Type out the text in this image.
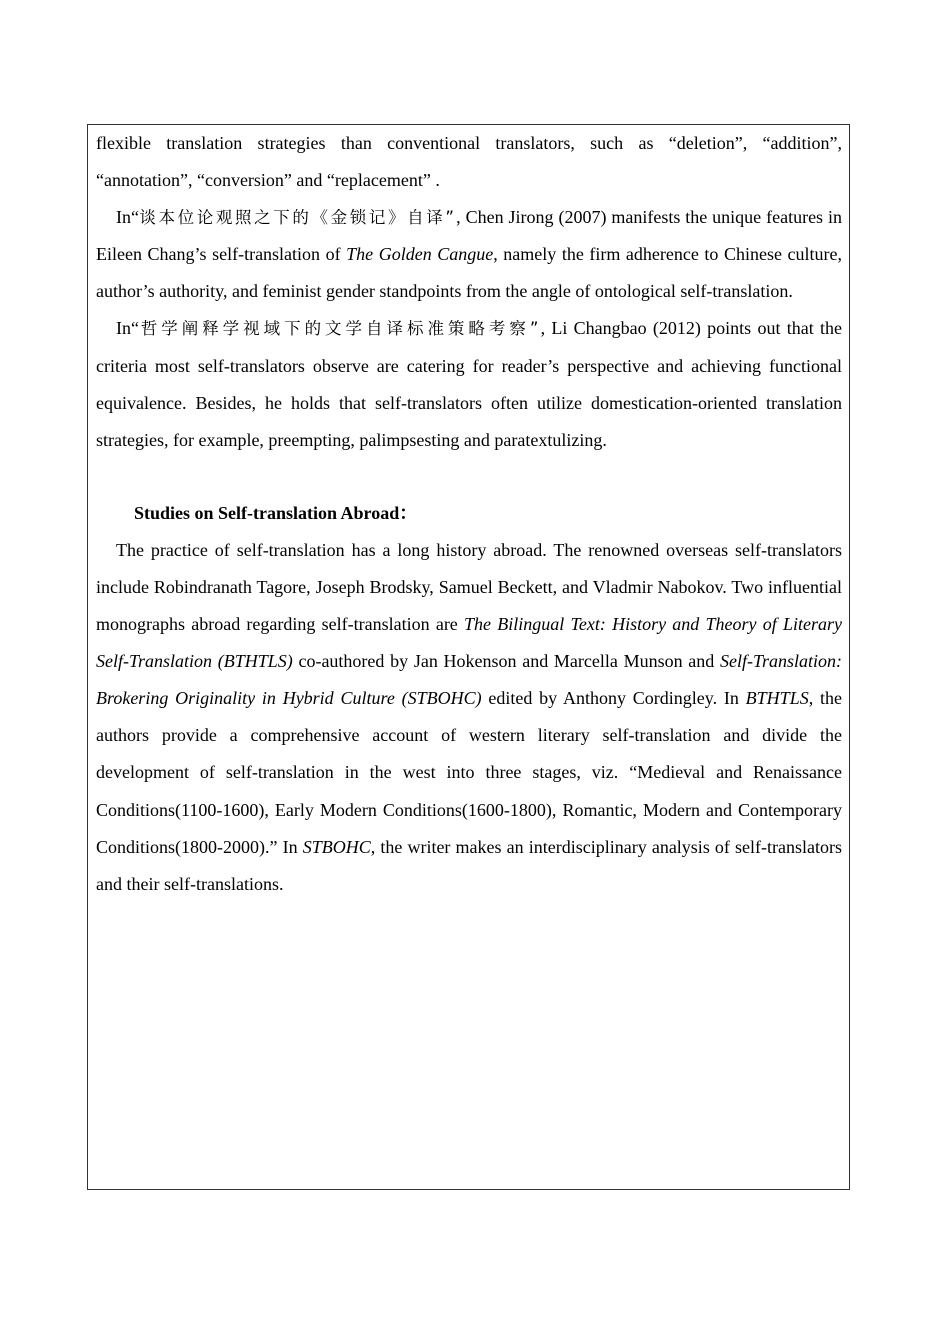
flexible translation strategies than conventional translators, such as “deletion”, “addition”, “annotation”, “conversion” and “replacement” .

In“谈本位论观照之下的《金锁记》自译”, Chen Jirong (2007) manifests the unique features in Eileen Chang’s self-translation of The Golden Cangue, namely the firm adherence to Chinese culture, author’s authority, and feminist gender standpoints from the angle of ontological self-translation.

In“哲学阐释学视域下的文学自译标准策略考察”, Li Changbao (2012) points out that the criteria most self-translators observe are catering for reader’s perspective and achieving functional equivalence. Besides, he holds that self-translators often utilize domestication-oriented translation strategies, for example, preempting, palimpsesting and paratextulizing.

Studies on Self-translation Abroad：

The practice of self-translation has a long history abroad. The renowned overseas self-translators include Robindranath Tagore, Joseph Brodsky, Samuel Beckett, and Vladmir Nabokov. Two influential monographs abroad regarding self-translation are The Bilingual Text: History and Theory of Literary Self-Translation (BTHTLS) co-authored by Jan Hokenson and Marcella Munson and Self-Translation: Brokering Originality in Hybrid Culture (STBOHC) edited by Anthony Cordingley. In BTHTLS, the authors provide a comprehensive account of western literary self-translation and divide the development of self-translation in the west into three stages, viz. “Medieval and Renaissance Conditions(1100-1600), Early Modern Conditions(1600-1800), Romantic, Modern and Contemporary Conditions(1800-2000).” In STBOHC, the writer makes an interdisciplinary analysis of self-translators and their self-translations.
